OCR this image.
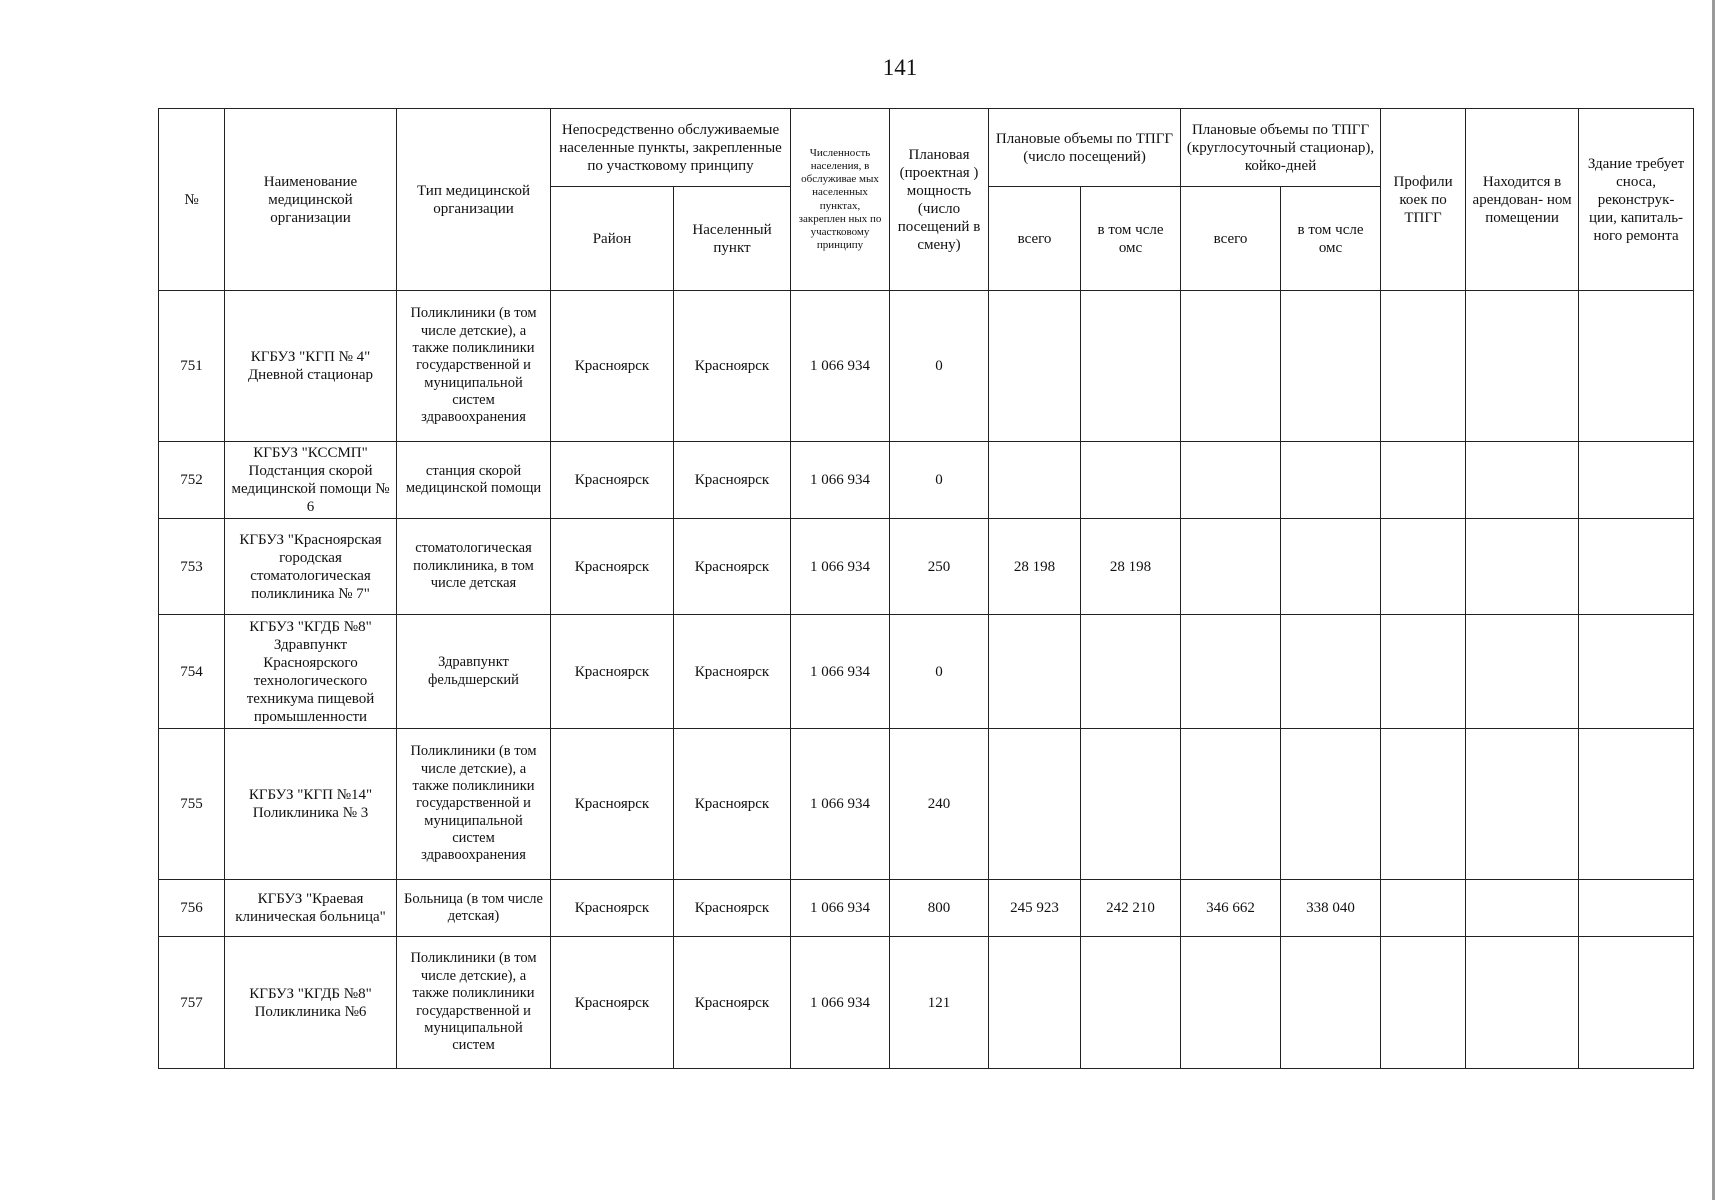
141
№	Наименование медицинской организации	Тип медицинской организации	Непосредственно обслуживаемые населенные пункты, закрепленные по участковому принципу		Численность населения, в обслуживае мых населенных пунктах, закреплен ных по участковому принципу	Плановая (проектная ) мощность (число посещений в смену)	Плановые объемы по ТПГГ (число посещений)		Плановые объемы по ТПГГ (круглосуточный стационар), койко-дней		Профили коек по ТПГГ	Находится в арендован- ном помещении	Здание требует сноса, реконструк- ции, капиталь- ного ремонта
			Район	Населенный пункт			всего	в том чсле омс	всего	в том чсле омс			
751	КГБУЗ "КГП № 4" Дневной стационар	Поликлиники (в том числе детские), а также поликлиники государственной и муниципальной систем здравоохранения	Красноярск	Красноярск	1 066 934	0							
752	КГБУЗ "КССМП" Подстанция скорой медицинской помощи № 6	станция скорой медицинской помощи	Красноярск	Красноярск	1 066 934	0							
753	КГБУЗ "Красноярская городская стоматологическая поликлиника № 7"	стоматологическая поликлиника, в том числе детская	Красноярск	Красноярск	1 066 934	250	28 198	28 198					
754	КГБУЗ "КГДБ №8" Здравпункт Красноярского технологического техникума пищевой промышленности	Здравпункт фельдшерский	Красноярск	Красноярск	1 066 934	0							
755	КГБУЗ "КГП №14" Поликлиника № 3	Поликлиники (в том числе детские), а также поликлиники государственной и муниципальной систем здравоохранения	Красноярск	Красноярск	1 066 934	240							
756	КГБУЗ "Краевая клиническая больница"	Больница (в том числе детская)	Красноярск	Красноярск	1 066 934	800	245 923	242 210	346 662	338 040			
757	КГБУЗ "КГДБ №8" Поликлиника №6	Поликлиники (в том числе детские), а также поликлиники государственной и муниципальной систем	Красноярск	Красноярск	1 066 934	121							
